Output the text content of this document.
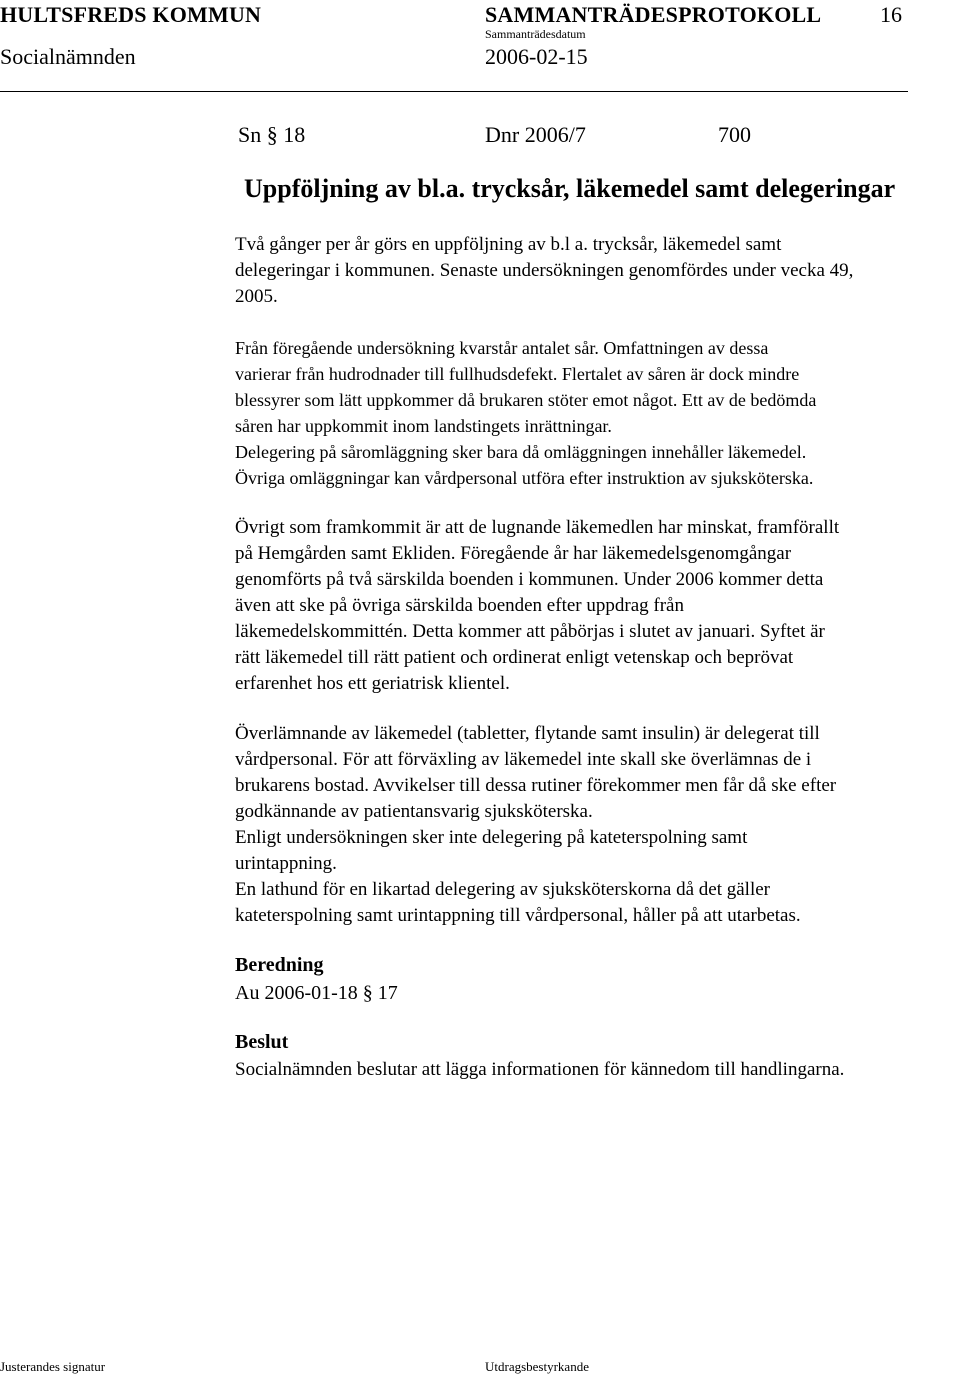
HULTSFREDS KOMMUN	SAMMANTRÄDESPROTOKOLL	16
Sammanträdesdatum
Socialnämnden	2006-02-15
Sn § 18	Dnr 2006/7	700
Uppföljning av bl.a. trycksår, läkemedel samt delegeringar
Två gånger per år görs en uppföljning av b.l a. trycksår, läkemedel samt
delegeringar i kommunen. Senaste undersökningen genomfördes under vecka 49,
2005.
Från föregående undersökning kvarstår antalet sår. Omfattningen av dessa
varierar från hudrodnader till fullhudsdefekt. Flertalet av såren är dock mindre
blessyrer som lätt uppkommer då brukaren stöter emot något. Ett av de bedömda
såren har uppkommit inom landstingets inrättningar.
Delegering på såromläggning sker bara då omläggningen innehåller läkemedel.
Övriga omläggningar kan vårdpersonal utföra efter instruktion av sjuksköterska.
Övrigt som framkommit är att de lugnande läkemedlen har minskat, framförallt
på Hemgården samt Ekliden. Föregående år har läkemedelsgenomgångar
genomförts på två särskilda boenden i kommunen. Under 2006 kommer detta
även att ske på övriga särskilda boenden efter uppdrag från
läkemedelskommittén. Detta kommer att påbörjas i slutet av januari. Syftet är
rätt läkemedel till rätt patient och ordinerat enligt vetenskap och beprövat
erfarenhet hos ett geriatrisk klientel.
Överlämnande av läkemedel (tabletter, flytande samt insulin) är delegerat till
vårdpersonal. För att förväxling av läkemedel inte skall ske överlämnas de i
brukarens bostad. Avvikelser till dessa rutiner förekommer men får då ske efter
godkännande av patientansvarig sjuksköterska.
Enligt undersökningen sker inte delegering på kateterspolning samt
urintappning.
En lathund för en likartad delegering av sjuksköterskorna då det gäller
kateterspolning samt urintappning till vårdpersonal, håller på att utarbetas.
Beredning
Au 2006-01-18 § 17
Beslut
Socialnämnden beslutar att lägga informationen för kännedom till handlingarna.
Justerandes signatur	Utdragsbestyrkande
